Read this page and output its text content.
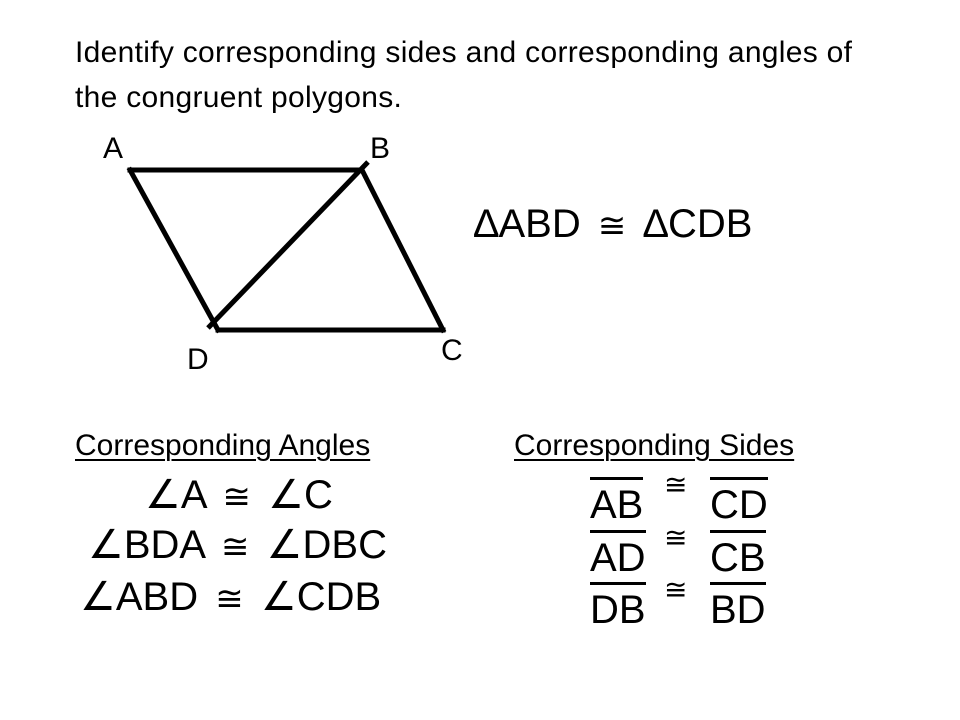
Identify corresponding sides and corresponding angles of the congruent polygons.
A	B
C
D
∆ABD ≅ ∆CDB
Corresponding Angles
∠A ≅ ∠C
∠BDA ≅ ∠DBC
∠ABD ≅ ∠CDB
Corresponding Sides
AB ≅ CD
AD ≅ CB
DB ≅ BD
